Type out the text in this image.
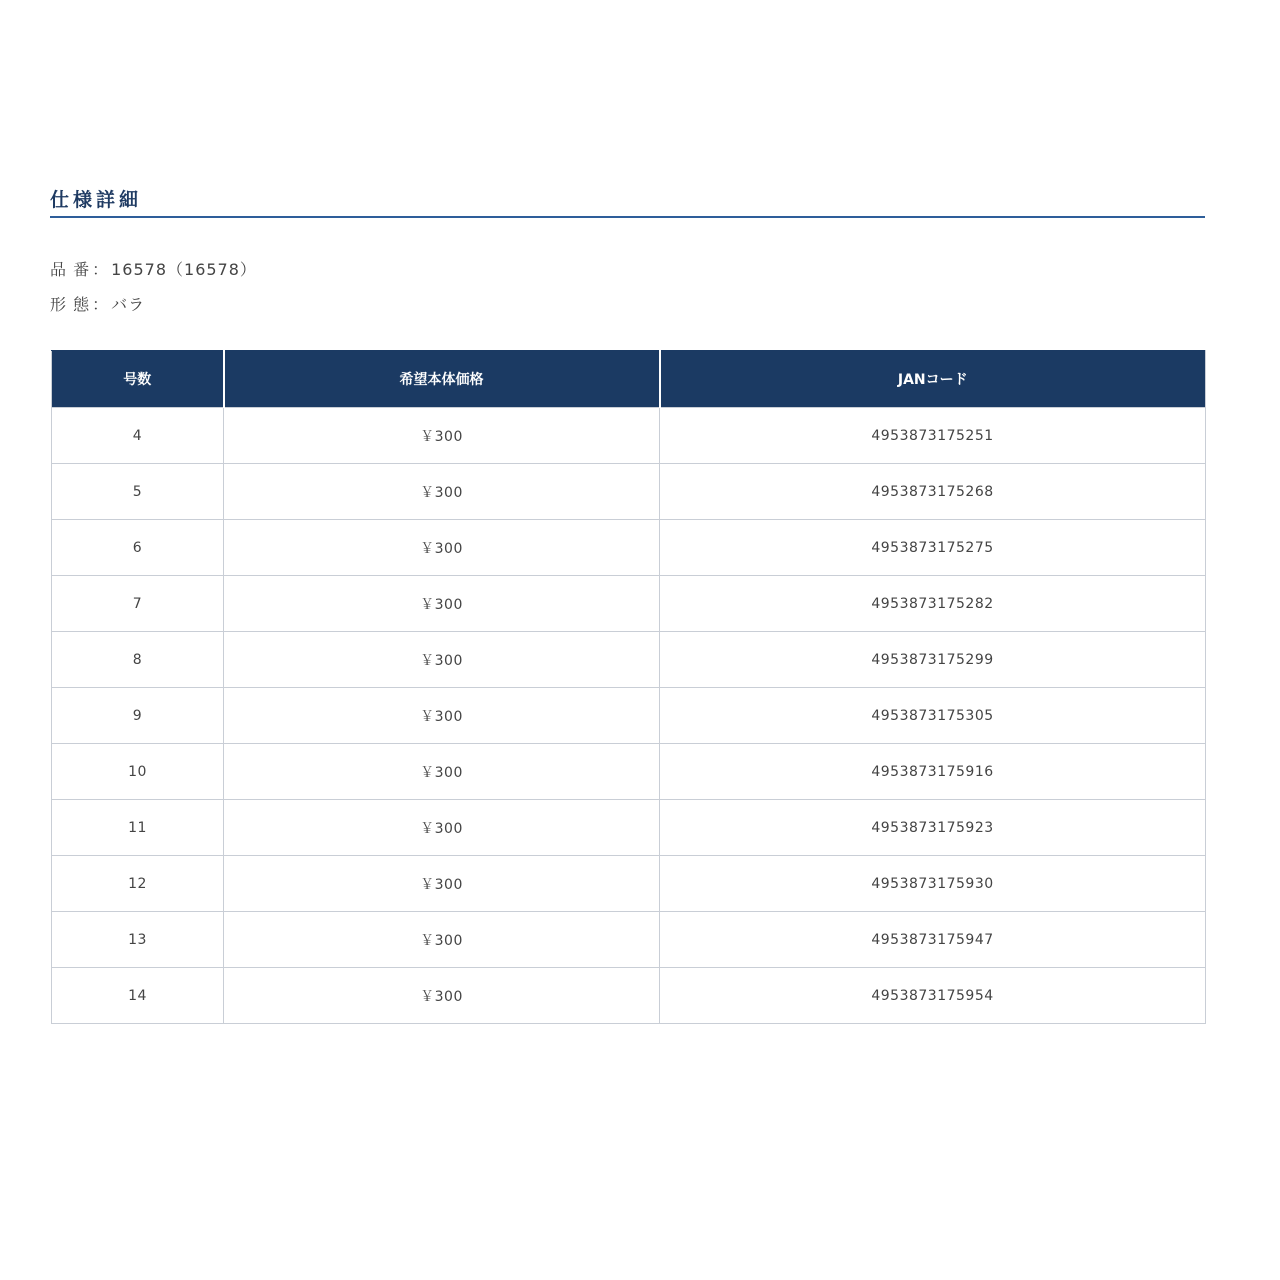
仕様詳細
品 番 ： 16578（16578）
形 態 ： バラ
号数	希望本体価格	JANコード
4	￥300	4953873175251
5	￥300	4953873175268
6	￥300	4953873175275
7	￥300	4953873175282
8	￥300	4953873175299
9	￥300	4953873175305
10	￥300	4953873175916
11	￥300	4953873175923
12	￥300	4953873175930
13	￥300	4953873175947
14	￥300	4953873175954
